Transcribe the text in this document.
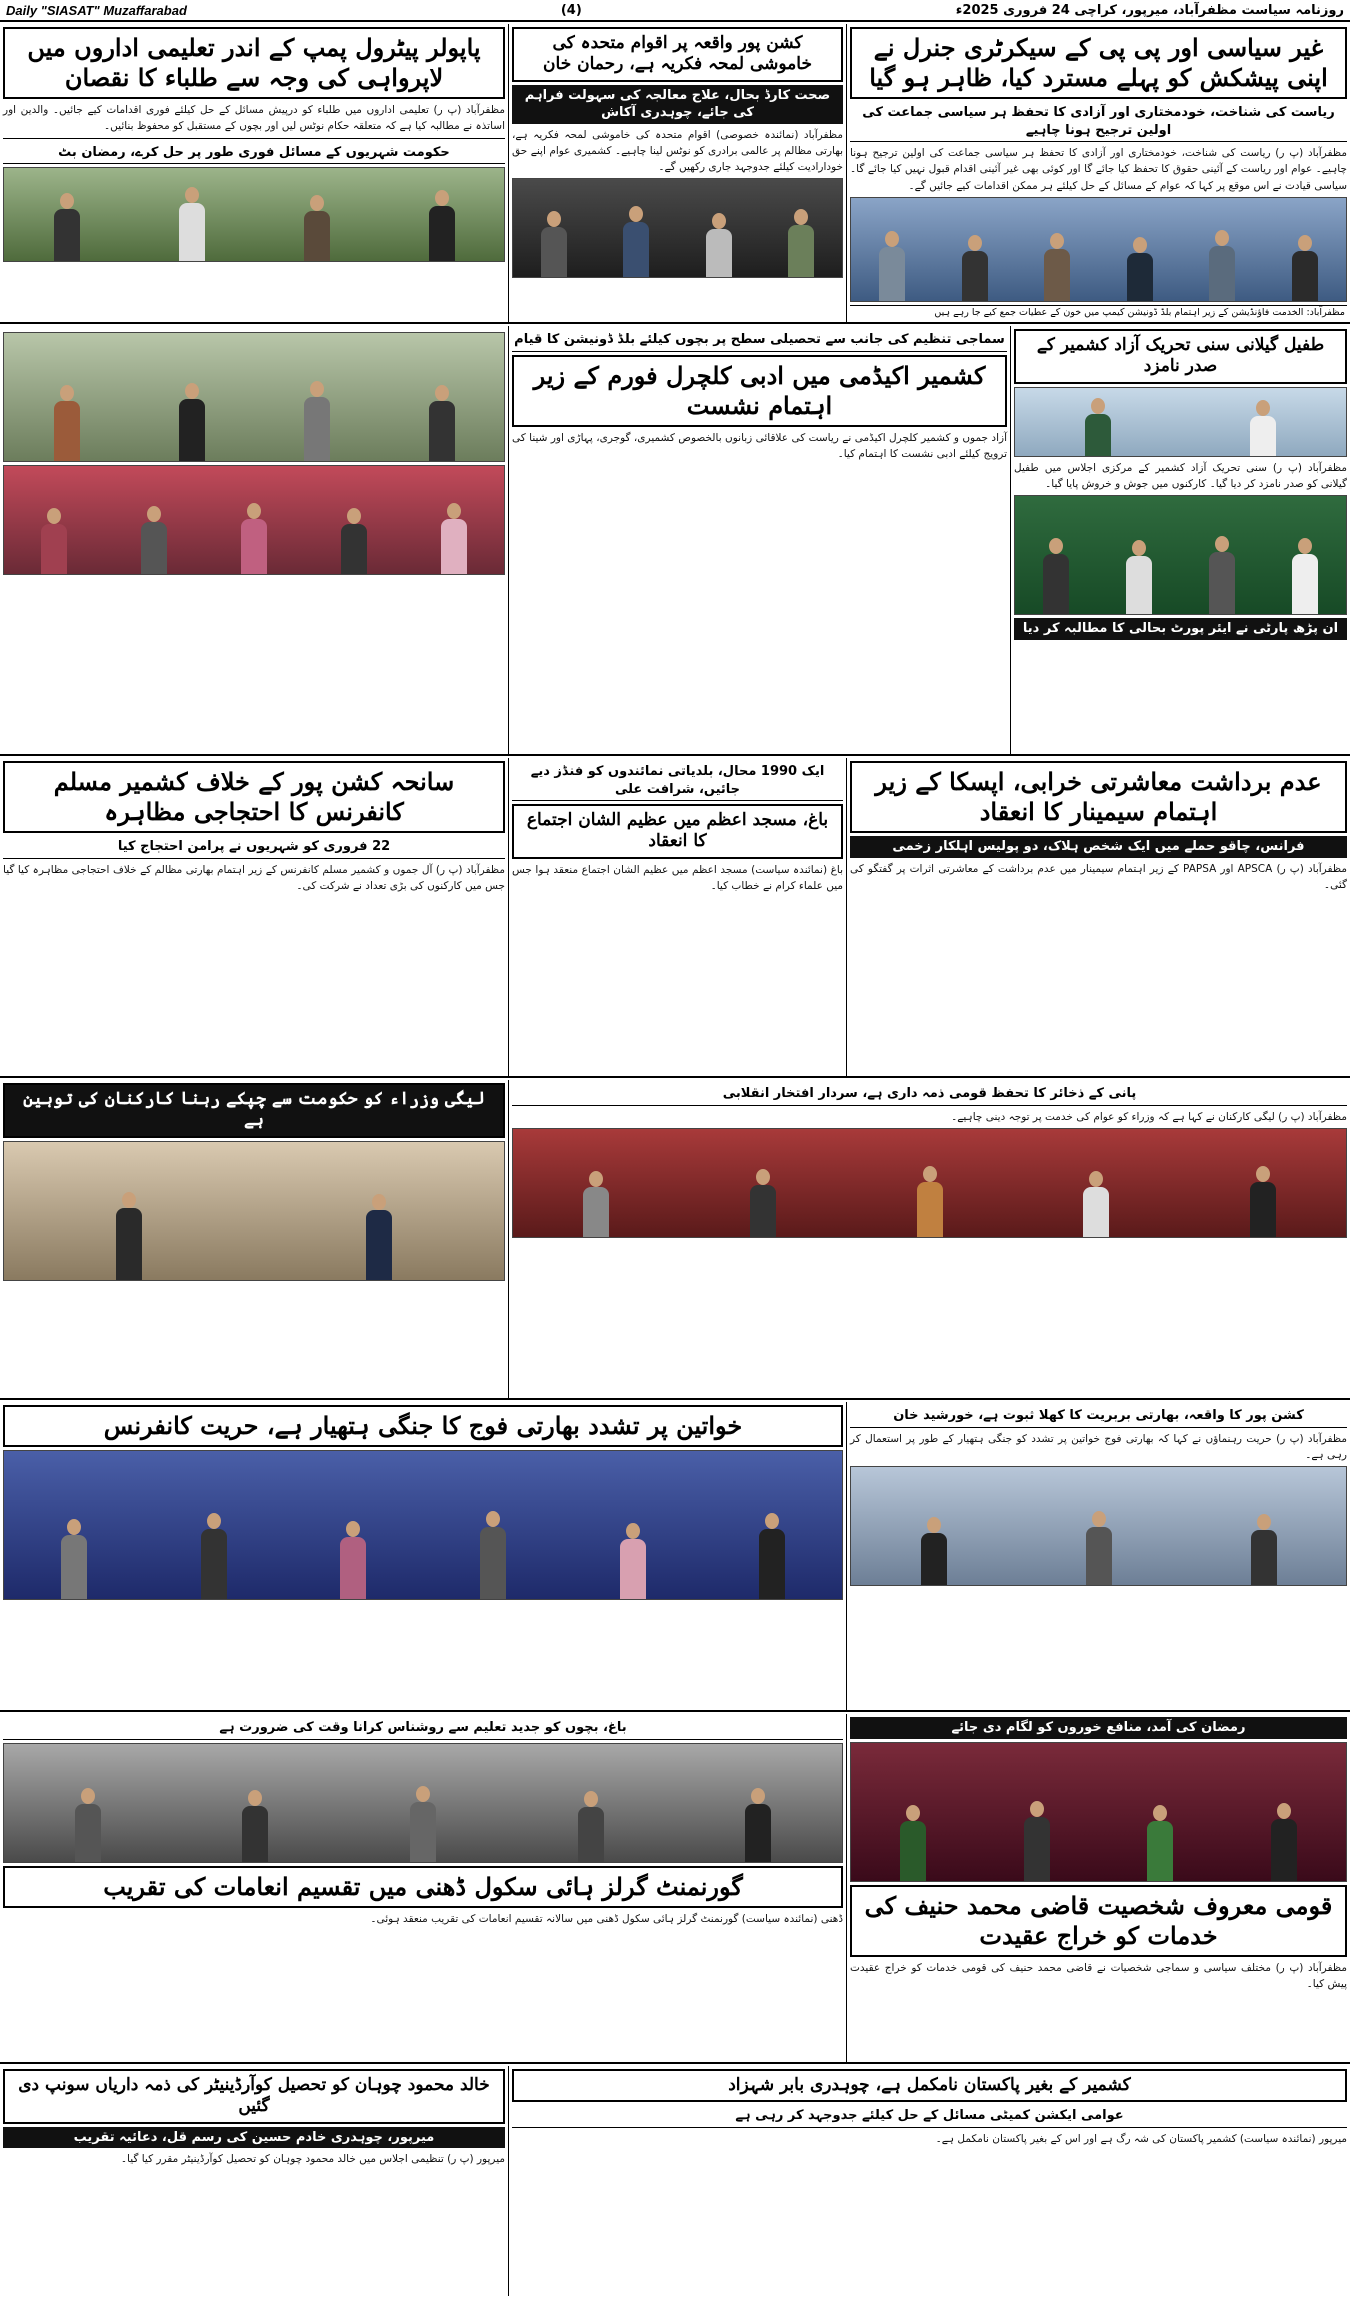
Daily "SIASAT" Muzaffarabad	(4)	روزنامہ سیاست مظفرآباد، میرپور، کراچی 24 فروری 2025ء
غیر سیاسی اور پی پی کے سیکرٹری جنرل نے اپنی پیشکش کو پہلے مسترد کیا، ظاہر ہو گیا
ریاست کی شناخت، خودمختاری اور آزادی کا تحفظ ہر سیاسی جماعت کی اولین ترجیح ہونا چاہیے
مظفرآباد (پ ر) ریاست کی شناخت، خودمختاری اور آزادی کا تحفظ ہر سیاسی جماعت کی اولین ترجیح ہونا چاہیے۔ عوام اور ریاست کے آئینی حقوق کا تحفظ کیا جائے گا اور کوئی بھی غیر آئینی اقدام قبول نہیں کیا جائے گا۔ سیاسی قیادت نے اس موقع پر کہا کہ عوام کے مسائل کے حل کیلئے ہر ممکن اقدامات کیے جائیں گے۔
مظفرآباد: الخدمت فاؤنڈیشن کے زیر اہتمام بلڈ ڈونیشن کیمپ میں خون کے عطیات جمع کیے جا رہے ہیں
کشن پور واقعہ پر اقوام متحدہ کی خاموشی لمحہ فکریہ ہے، رحمان خان
صحت کارڈ بحال، علاج معالجہ کی سہولت فراہم کی جائے، چوہدری آکاش
مظفرآباد (نمائندہ خصوصی) اقوام متحدہ کی خاموشی لمحہ فکریہ ہے، بھارتی مظالم پر عالمی برادری کو نوٹس لینا چاہیے۔ کشمیری عوام اپنے حق خودارادیت کیلئے جدوجہد جاری رکھیں گے۔
پاپولر پیٹرول پمپ کے اندر تعلیمی اداروں میں لاپرواہی کی وجہ سے طلباء کا نقصان
مظفرآباد (پ ر) تعلیمی اداروں میں طلباء کو درپیش مسائل کے حل کیلئے فوری اقدامات کیے جائیں۔ والدین اور اساتذہ نے مطالبہ کیا ہے کہ متعلقہ حکام نوٹس لیں اور بچوں کے مستقبل کو محفوظ بنائیں۔
حکومت شہریوں کے مسائل فوری طور پر حل کرے، رمضان بٹ
طفیل گیلانی سنی تحریک آزاد کشمیر کے صدر نامزد
مظفرآباد (پ ر) سنی تحریک آزاد کشمیر کے مرکزی اجلاس میں طفیل گیلانی کو صدر نامزد کر دیا گیا۔ کارکنوں میں جوش و خروش پایا گیا۔
ان پڑھ پارٹی نے ایئر پورٹ بحالی کا مطالبہ کر دیا
سماجی تنظیم کی جانب سے تحصیلی سطح پر بچوں کیلئے بلڈ ڈونیشن کا قیام
کشمیر اکیڈمی میں ادبی کلچرل فورم کے زیر اہتمام نشست
آزاد جموں و کشمیر کلچرل اکیڈمی نے ریاست کی علاقائی زبانوں بالخصوص کشمیری، گوجری، پہاڑی اور شینا کی ترویج کیلئے ادبی نشست کا اہتمام کیا۔
عدم برداشت معاشرتی خرابی، اپسکا کے زیر اہتمام سیمینار کا انعقاد
فرانس، چاقو حملے میں ایک شخص ہلاک، دو پولیس اہلکار زخمی
مظفرآباد (پ ر) APSCA اور PAPSA کے زیر اہتمام سیمینار میں عدم برداشت کے معاشرتی اثرات پر گفتگو کی گئی۔
ایک 1990 محال، بلدیاتی نمائندوں کو فنڈز دیے جائیں، شرافت علی
باغ، مسجد اعظم میں عظیم الشان اجتماع کا انعقاد
باغ (نمائندہ سیاست) مسجد اعظم میں عظیم الشان اجتماع منعقد ہوا جس میں علماء کرام نے خطاب کیا۔
سانحہ کشن پور کے خلاف کشمیر مسلم کانفرنس کا احتجاجی مظاہرہ
22 فروری کو شہریوں نے پرامن احتجاج کیا
مظفرآباد (پ ر) آل جموں و کشمیر مسلم کانفرنس کے زیر اہتمام بھارتی مظالم کے خلاف احتجاجی مظاہرہ کیا گیا جس میں کارکنوں کی بڑی تعداد نے شرکت کی۔
پانی کے ذخائر کا تحفظ قومی ذمہ داری ہے، سردار افتخار انقلابی
مظفرآباد (پ ر) لیگی کارکنان نے کہا ہے کہ وزراء کو عوام کی خدمت پر توجہ دینی چاہیے۔
لیگی وزراء کو حکومت سے چپکے رہنا کارکنان کی توہین ہے
کشن پور کا واقعہ، بھارتی بربریت کا کھلا ثبوت ہے، خورشید خان
مظفرآباد (پ ر) حریت رہنماؤں نے کہا کہ بھارتی فوج خواتین پر تشدد کو جنگی ہتھیار کے طور پر استعمال کر رہی ہے۔
خواتین پر تشدد بھارتی فوج کا جنگی ہتھیار ہے، حریت کانفرنس
رمضان کی آمد، منافع خوروں کو لگام دی جائے
قومی معروف شخصیت قاضی محمد حنیف کی خدمات کو خراج عقیدت
مظفرآباد (پ ر) مختلف سیاسی و سماجی شخصیات نے قاضی محمد حنیف کی قومی خدمات کو خراج عقیدت پیش کیا۔
باغ، بچوں کو جدید تعلیم سے روشناس کرانا وقت کی ضرورت ہے
گورنمنٹ گرلز ہائی سکول ڈھنی میں تقسیم انعامات کی تقریب
ڈھنی (نمائندہ سیاست) گورنمنٹ گرلز ہائی سکول ڈھنی میں سالانہ تقسیم انعامات کی تقریب منعقد ہوئی۔
کشمیر کے بغیر پاکستان نامکمل ہے، چوہدری بابر شہزاد
عوامی ایکشن کمیٹی مسائل کے حل کیلئے جدوجہد کر رہی ہے
میرپور (نمائندہ سیاست) کشمیر پاکستان کی شہ رگ ہے اور اس کے بغیر پاکستان نامکمل ہے۔
خالد محمود چوہان کو تحصیل کوآرڈینیٹر کی ذمہ داریاں سونپ دی گئیں
میرپور، چوہدری خادم حسین کی رسم قل، دعائیہ تقریب
میرپور (پ ر) تنظیمی اجلاس میں خالد محمود چوہان کو تحصیل کوآرڈینیٹر مقرر کیا گیا۔
